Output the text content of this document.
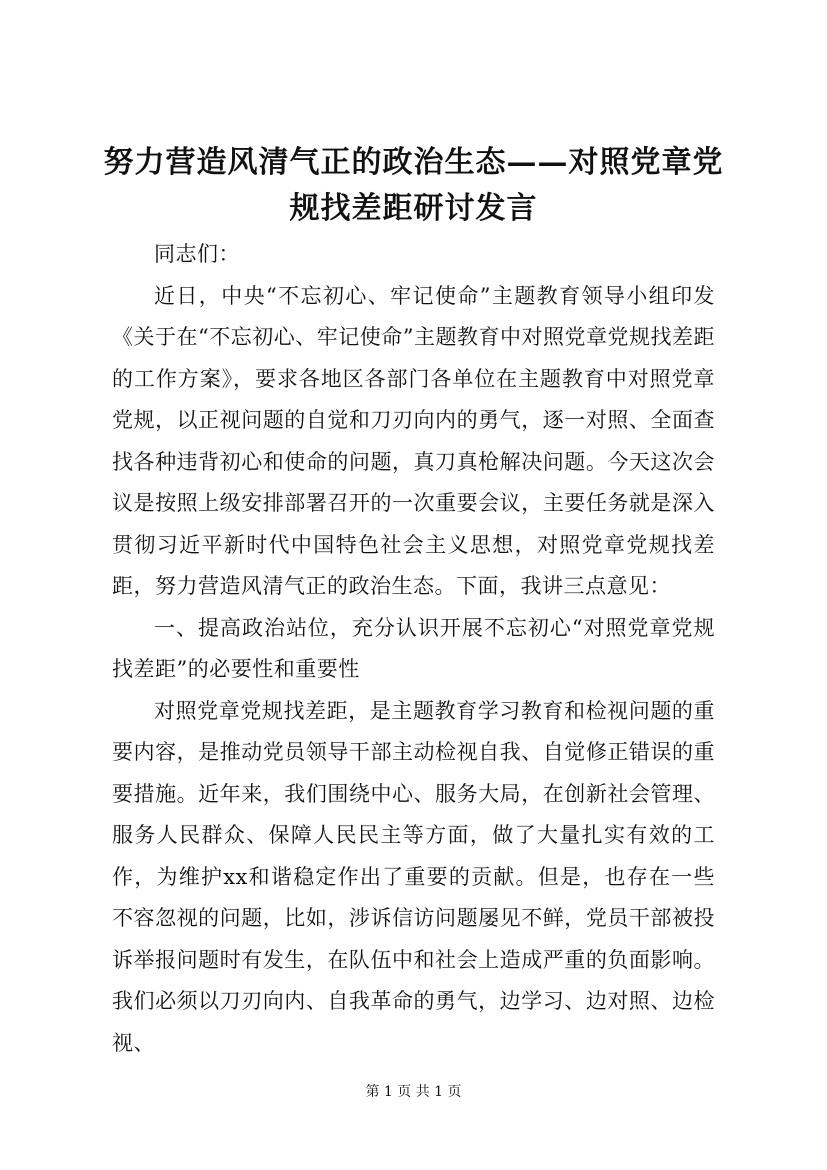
努力营造风清气正的政治生态——对照党章党规找差距研讨发言

同志们：

近日，中央“不忘初心、牢记使命”主题教育领导小组印发《关于在“不忘初心、牢记使命”主题教育中对照党章党规找差距的工作方案》，要求各地区各部门各单位在主题教育中对照党章党规，以正视问题的自觉和刀刃向内的勇气，逐一对照、全面查找各种违背初心和使命的问题，真刀真枪解决问题。今天这次会议是按照上级安排部署召开的一次重要会议，主要任务就是深入贯彻习近平新时代中国特色社会主义思想，对照党章党规找差距，努力营造风清气正的政治生态。下面，我讲三点意见：

一、提高政治站位，充分认识开展不忘初心“对照党章党规找差距”的必要性和重要性

对照党章党规找差距，是主题教育学习教育和检视问题的重要内容，是推动党员领导干部主动检视自我、自觉修正错误的重要措施。近年来，我们围绕中心、服务大局，在创新社会管理、服务人民群众、保障人民民主等方面，做了大量扎实有效的工作，为维护xx和谐稳定作出了重要的贡献。但是，也存在一些不容忽视的问题，比如，涉诉信访问题屡见不鲜，党员干部被投诉举报问题时有发生，在队伍中和社会上造成严重的负面影响。我们必须以刀刃向内、自我革命的勇气，边学习、边对照、边检视、

第 1 页 共 1 页
